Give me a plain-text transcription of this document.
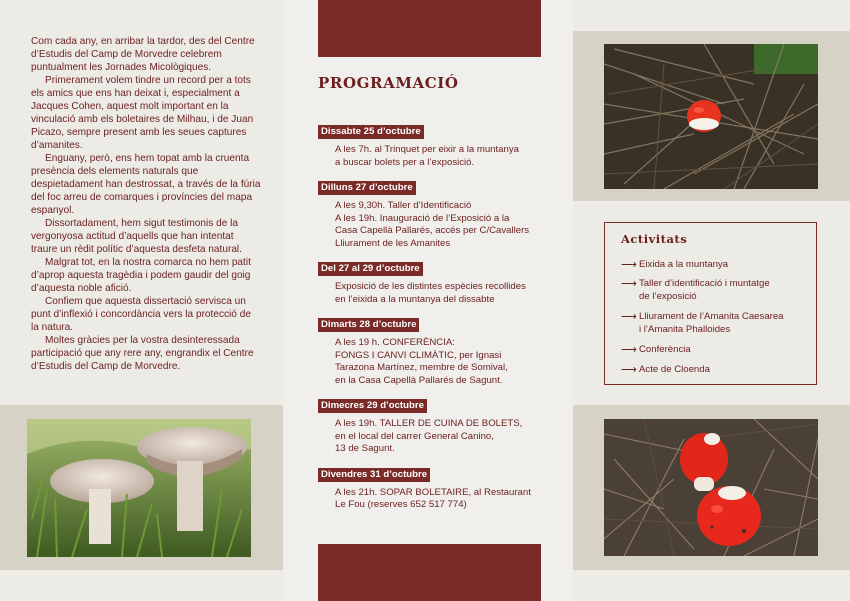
Com cada any, en arribar la tardor, des del Centre d’Estudis del Camp de Morvedre celebrem puntualment les Jornades Micològiques.

Primerament volem tindre un record per a tots els amics que ens han deixat i, especialment a Jacques Cohen, aquest molt important en la vinculació amb els boletaires de Milhau, i de Juan Picazo, sempre present amb les seues captures d’amanites.

Enguany, però, ens hem topat amb la cruenta presència dels elements naturals que despietadament han destrossat, a través de la fúria del foc arreu de comarques i províncies del mapa espanyol.

Dissortadament, hem sigut testimonis de la vergonyosa actitud d’aquells que han intentat traure un rèdit polític d’aquesta desfeta natural.

Malgrat tot, en la nostra comarca no hem patit d’aprop aquesta tragèdia i podem gaudir del goig d’aquesta noble afició.

Confiem que aquesta dissertació servisca un punt d’inflexió i concordància vers la protecció de la natura.

Moltes gràcies per la vostra desinteressada participació que any rere any, engrandix el Centre d’Estudis del Camp de Morvedre.

PROGRAMACIÓ
Dissabte 25 d’octubre
A les 7h. al Trinquet per eixir a la muntanya
a buscar bolets per a l’exposició.
Dilluns 27 d’octubre
A les 9,30h. Taller d’Identificació
A les 19h. Inauguració de l’Exposició a la
Casa Capellà Pallarés, accés per C/Cavallers
Lliurament de les Amanites
Del 27 al 29 d’octubre
Exposició de les distintes espècies recollides
en l’eixida a la muntanya del dissabte
Dimarts 28 d’octubre
A les 19 h. CONFERÈNCIA:
FONGS I CANVI CLIMÀTIC, per Ignasi
Tarazona Martínez, membre de Somival,
en la Casa Capellà Pallarés de Sagunt.
Dimecres 29 d’octubre
A les 19h. TALLER DE CUINA DE BOLETS,
en el local del carrer General Canino,
13 de Sagunt.
Divendres 31 d’octubre
A les 21h. SOPAR BOLETAIRE, al Restaurant
Le Fou (reserves 652 517 774)
Activitats
⟶ Eixida a la muntanya
⟶ Taller d’identificació i muntatge
de l’exposició
⟶ Lliurament de l’Amanita Caesarea
i l’Amanita Phalloides
⟶ Conferència
⟶ Acte de Cloenda
